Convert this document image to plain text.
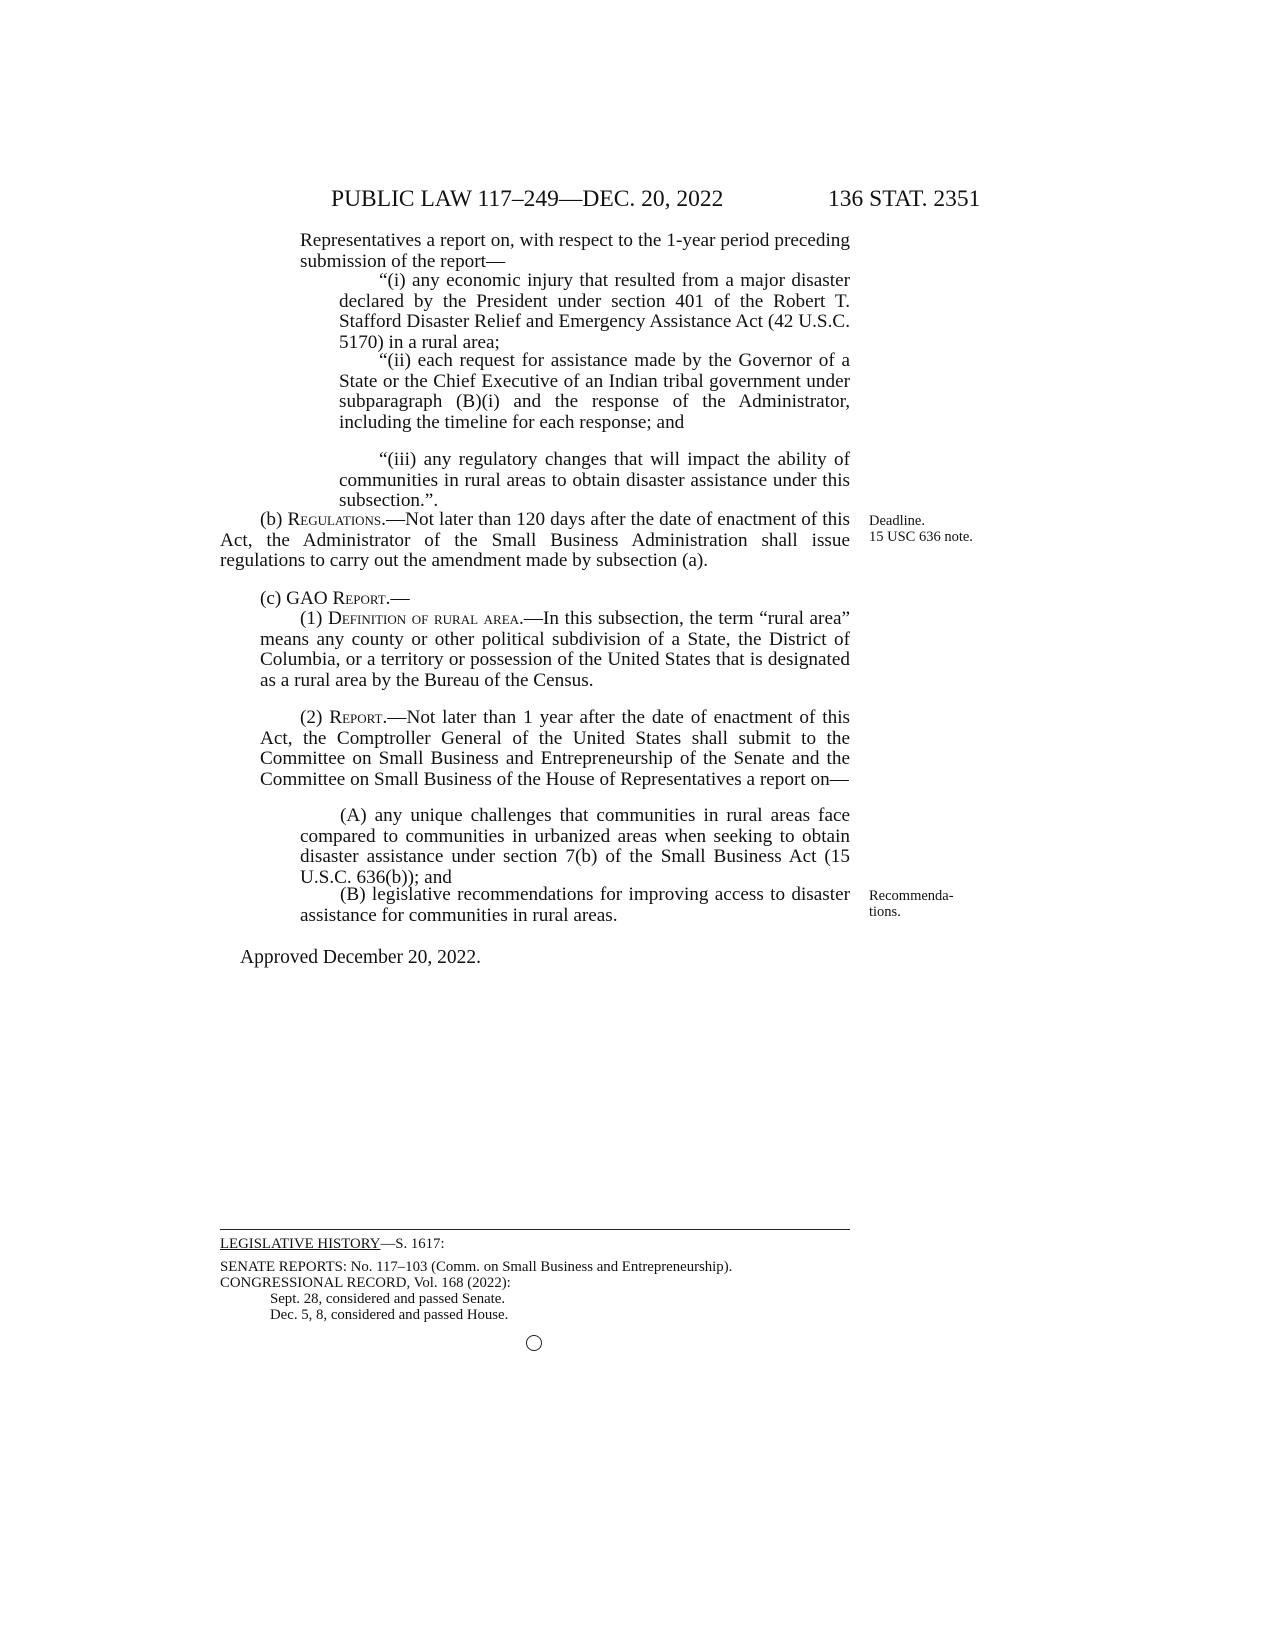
PUBLIC LAW 117–249—DEC. 20, 2022	136 STAT. 2351
Representatives a report on, with respect to the 1-year period preceding submission of the report—
“(i) any economic injury that resulted from a major disaster declared by the President under section 401 of the Robert T. Stafford Disaster Relief and Emergency Assistance Act (42 U.S.C. 5170) in a rural area;
“(ii) each request for assistance made by the Governor of a State or the Chief Executive of an Indian tribal government under subparagraph (B)(i) and the response of the Administrator, including the timeline for each response; and
“(iii) any regulatory changes that will impact the ability of communities in rural areas to obtain disaster assistance under this subsection.”.
(b) Regulations.—Not later than 120 days after the date of enactment of this Act, the Administrator of the Small Business Administration shall issue regulations to carry out the amendment made by subsection (a).
(c) GAO Report.—
(1) Definition of rural area.—In this subsection, the term “rural area” means any county or other political subdivision of a State, the District of Columbia, or a territory or possession of the United States that is designated as a rural area by the Bureau of the Census.
(2) Report.—Not later than 1 year after the date of enactment of this Act, the Comptroller General of the United States shall submit to the Committee on Small Business and Entrepreneurship of the Senate and the Committee on Small Business of the House of Representatives a report on—
(A) any unique challenges that communities in rural areas face compared to communities in urbanized areas when seeking to obtain disaster assistance under section 7(b) of the Small Business Act (15 U.S.C. 636(b)); and
(B) legislative recommendations for improving access to disaster assistance for communities in rural areas.
Approved December 20, 2022.
Deadline.
15 USC 636 note.
Recommenda-
tions.
LEGISLATIVE HISTORY—S. 1617:
SENATE REPORTS: No. 117–103 (Comm. on Small Business and Entrepreneurship).
CONGRESSIONAL RECORD, Vol. 168 (2022):
Sept. 28, considered and passed Senate.
Dec. 5, 8, considered and passed House.
